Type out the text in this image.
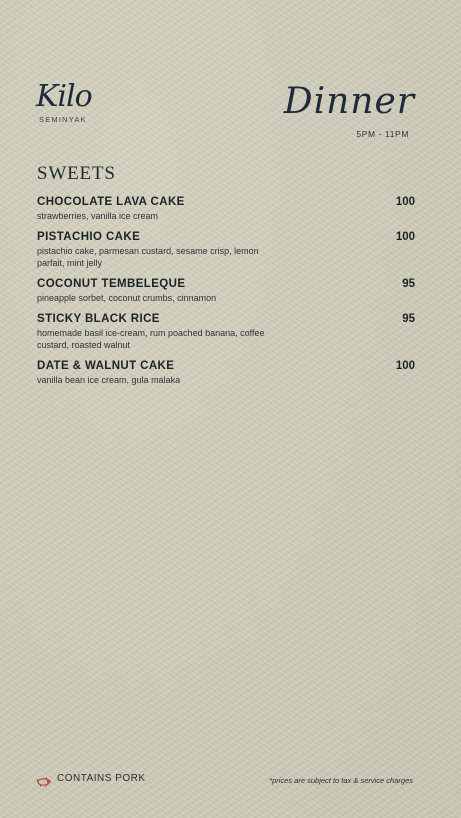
Kilo
SEMINYAK	Dinner
5PM - 11PM
SWEETS
CHOCOLATE LAVA CAKE	100
strawberries, vanilla ice cream
PISTACHIO CAKE	100
pistachio cake, parmesan custard, sesame crisp, lemon parfait, mint jelly
COCONUT TEMBELEQUE	95
pineapple sorbet, coconut crumbs, cinnamon
STICKY BLACK RICE	95
homemade basil ice-cream, rum poached banana, coffee custard, roasted walnut
DATE & WALNUT CAKE	100
vanilla bean ice cream, gula malaka
CONTAINS PORK	*prices are subject to tax & service charges
